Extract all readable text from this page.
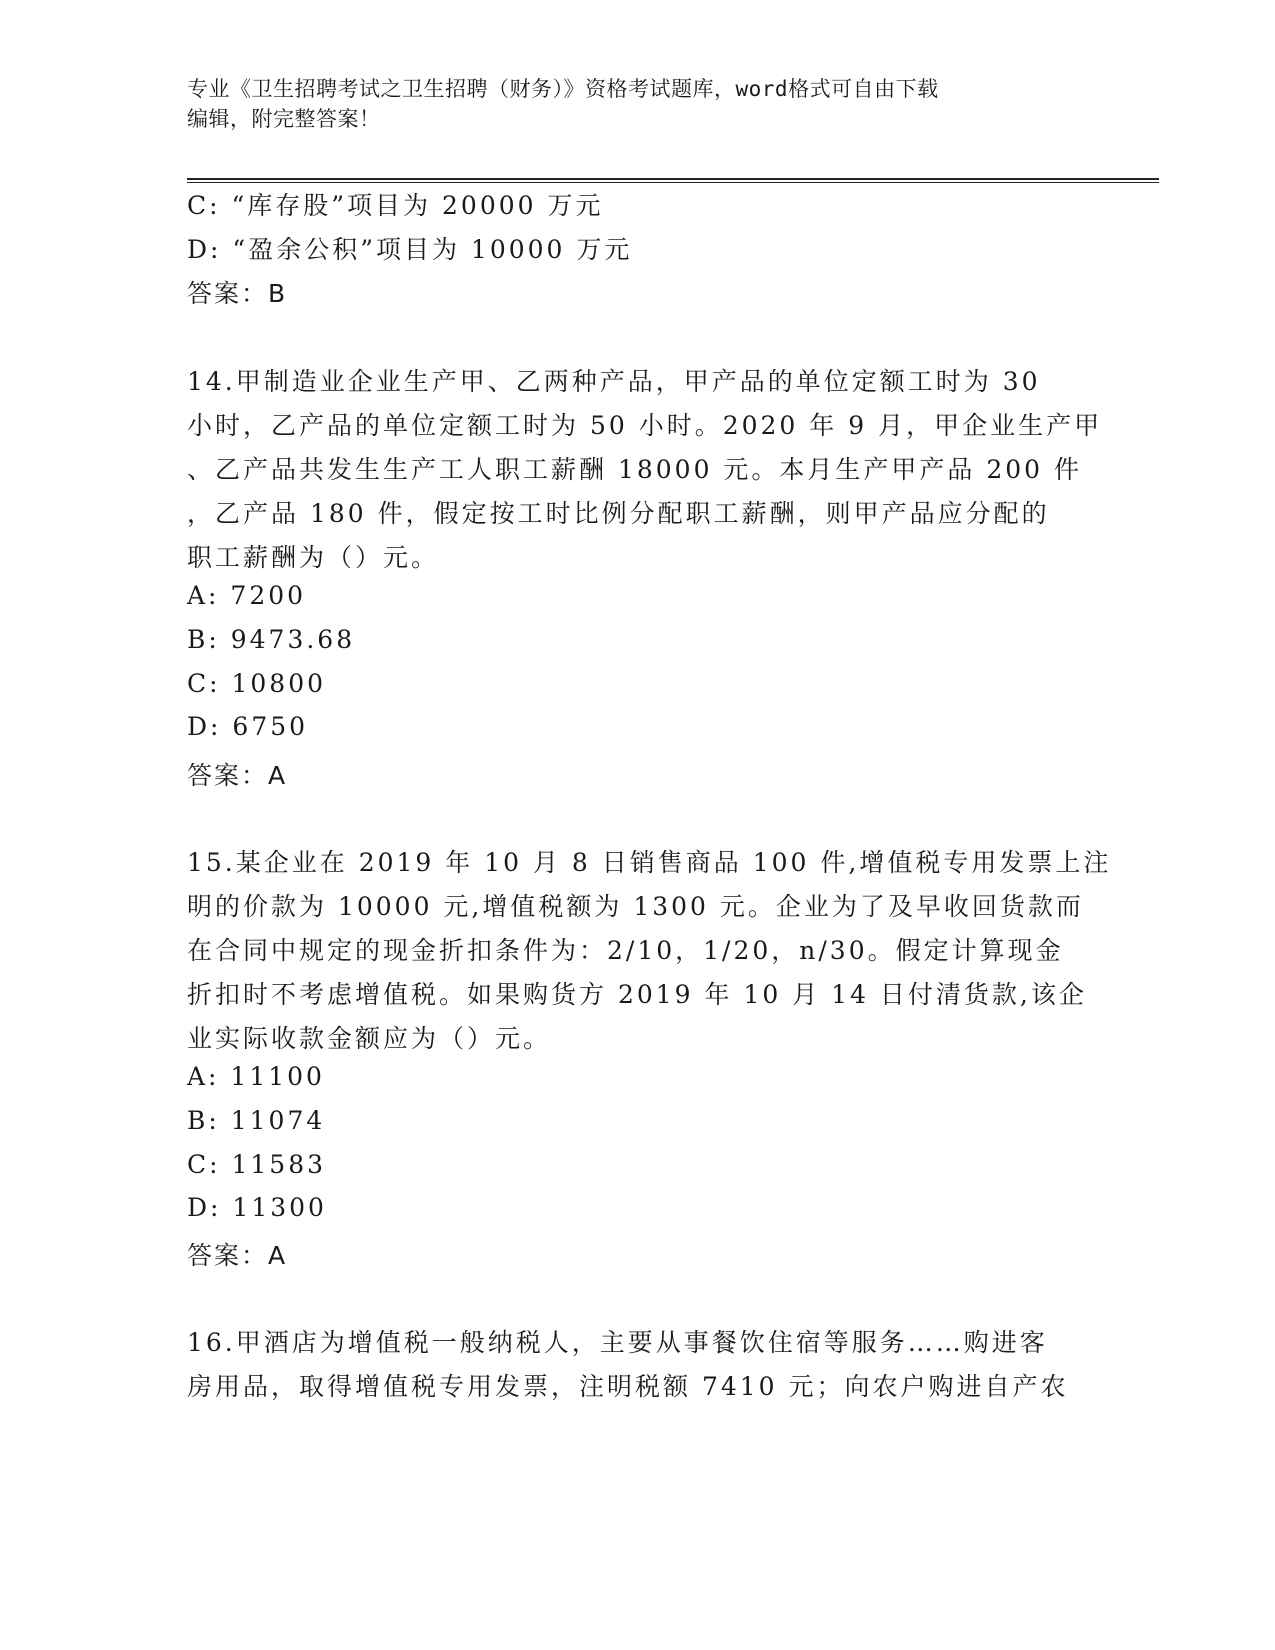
专业《卫生招聘考试之卫生招聘（财务）》资格考试题库，word格式可自由下载
编辑，附完整答案！
C: “库存股”项目为 20000 万元
D: “盈余公积”项目为 10000 万元
答案：B
14.甲制造业企业生产甲、乙两种产品，甲产品的单位定额工时为 30
小时，乙产品的单位定额工时为 50 小时。2020 年 9 月，甲企业生产甲
、乙产品共发生生产工人职工薪酬 18000 元。本月生产甲产品 200 件
，乙产品 180 件，假定按工时比例分配职工薪酬，则甲产品应分配的
职工薪酬为（）元。
A: 7200
B: 9473.68
C: 10800
D: 6750
答案：A
15.某企业在 2019 年 10 月 8 日销售商品 100 件,增值税专用发票上注
明的价款为 10000 元,增值税额为 1300 元。企业为了及早收回货款而
在合同中规定的现金折扣条件为：2/10，1/20，n/30。假定计算现金
折扣时不考虑增值税。如果购货方 2019 年 10 月 14 日付清货款,该企
业实际收款金额应为（）元。
A: 11100
B: 11074
C: 11583
D: 11300
答案：A
16.甲酒店为增值税一般纳税人，主要从事餐饮住宿等服务……购进客
房用品，取得增值税专用发票，注明税额 7410 元；向农户购进自产农
